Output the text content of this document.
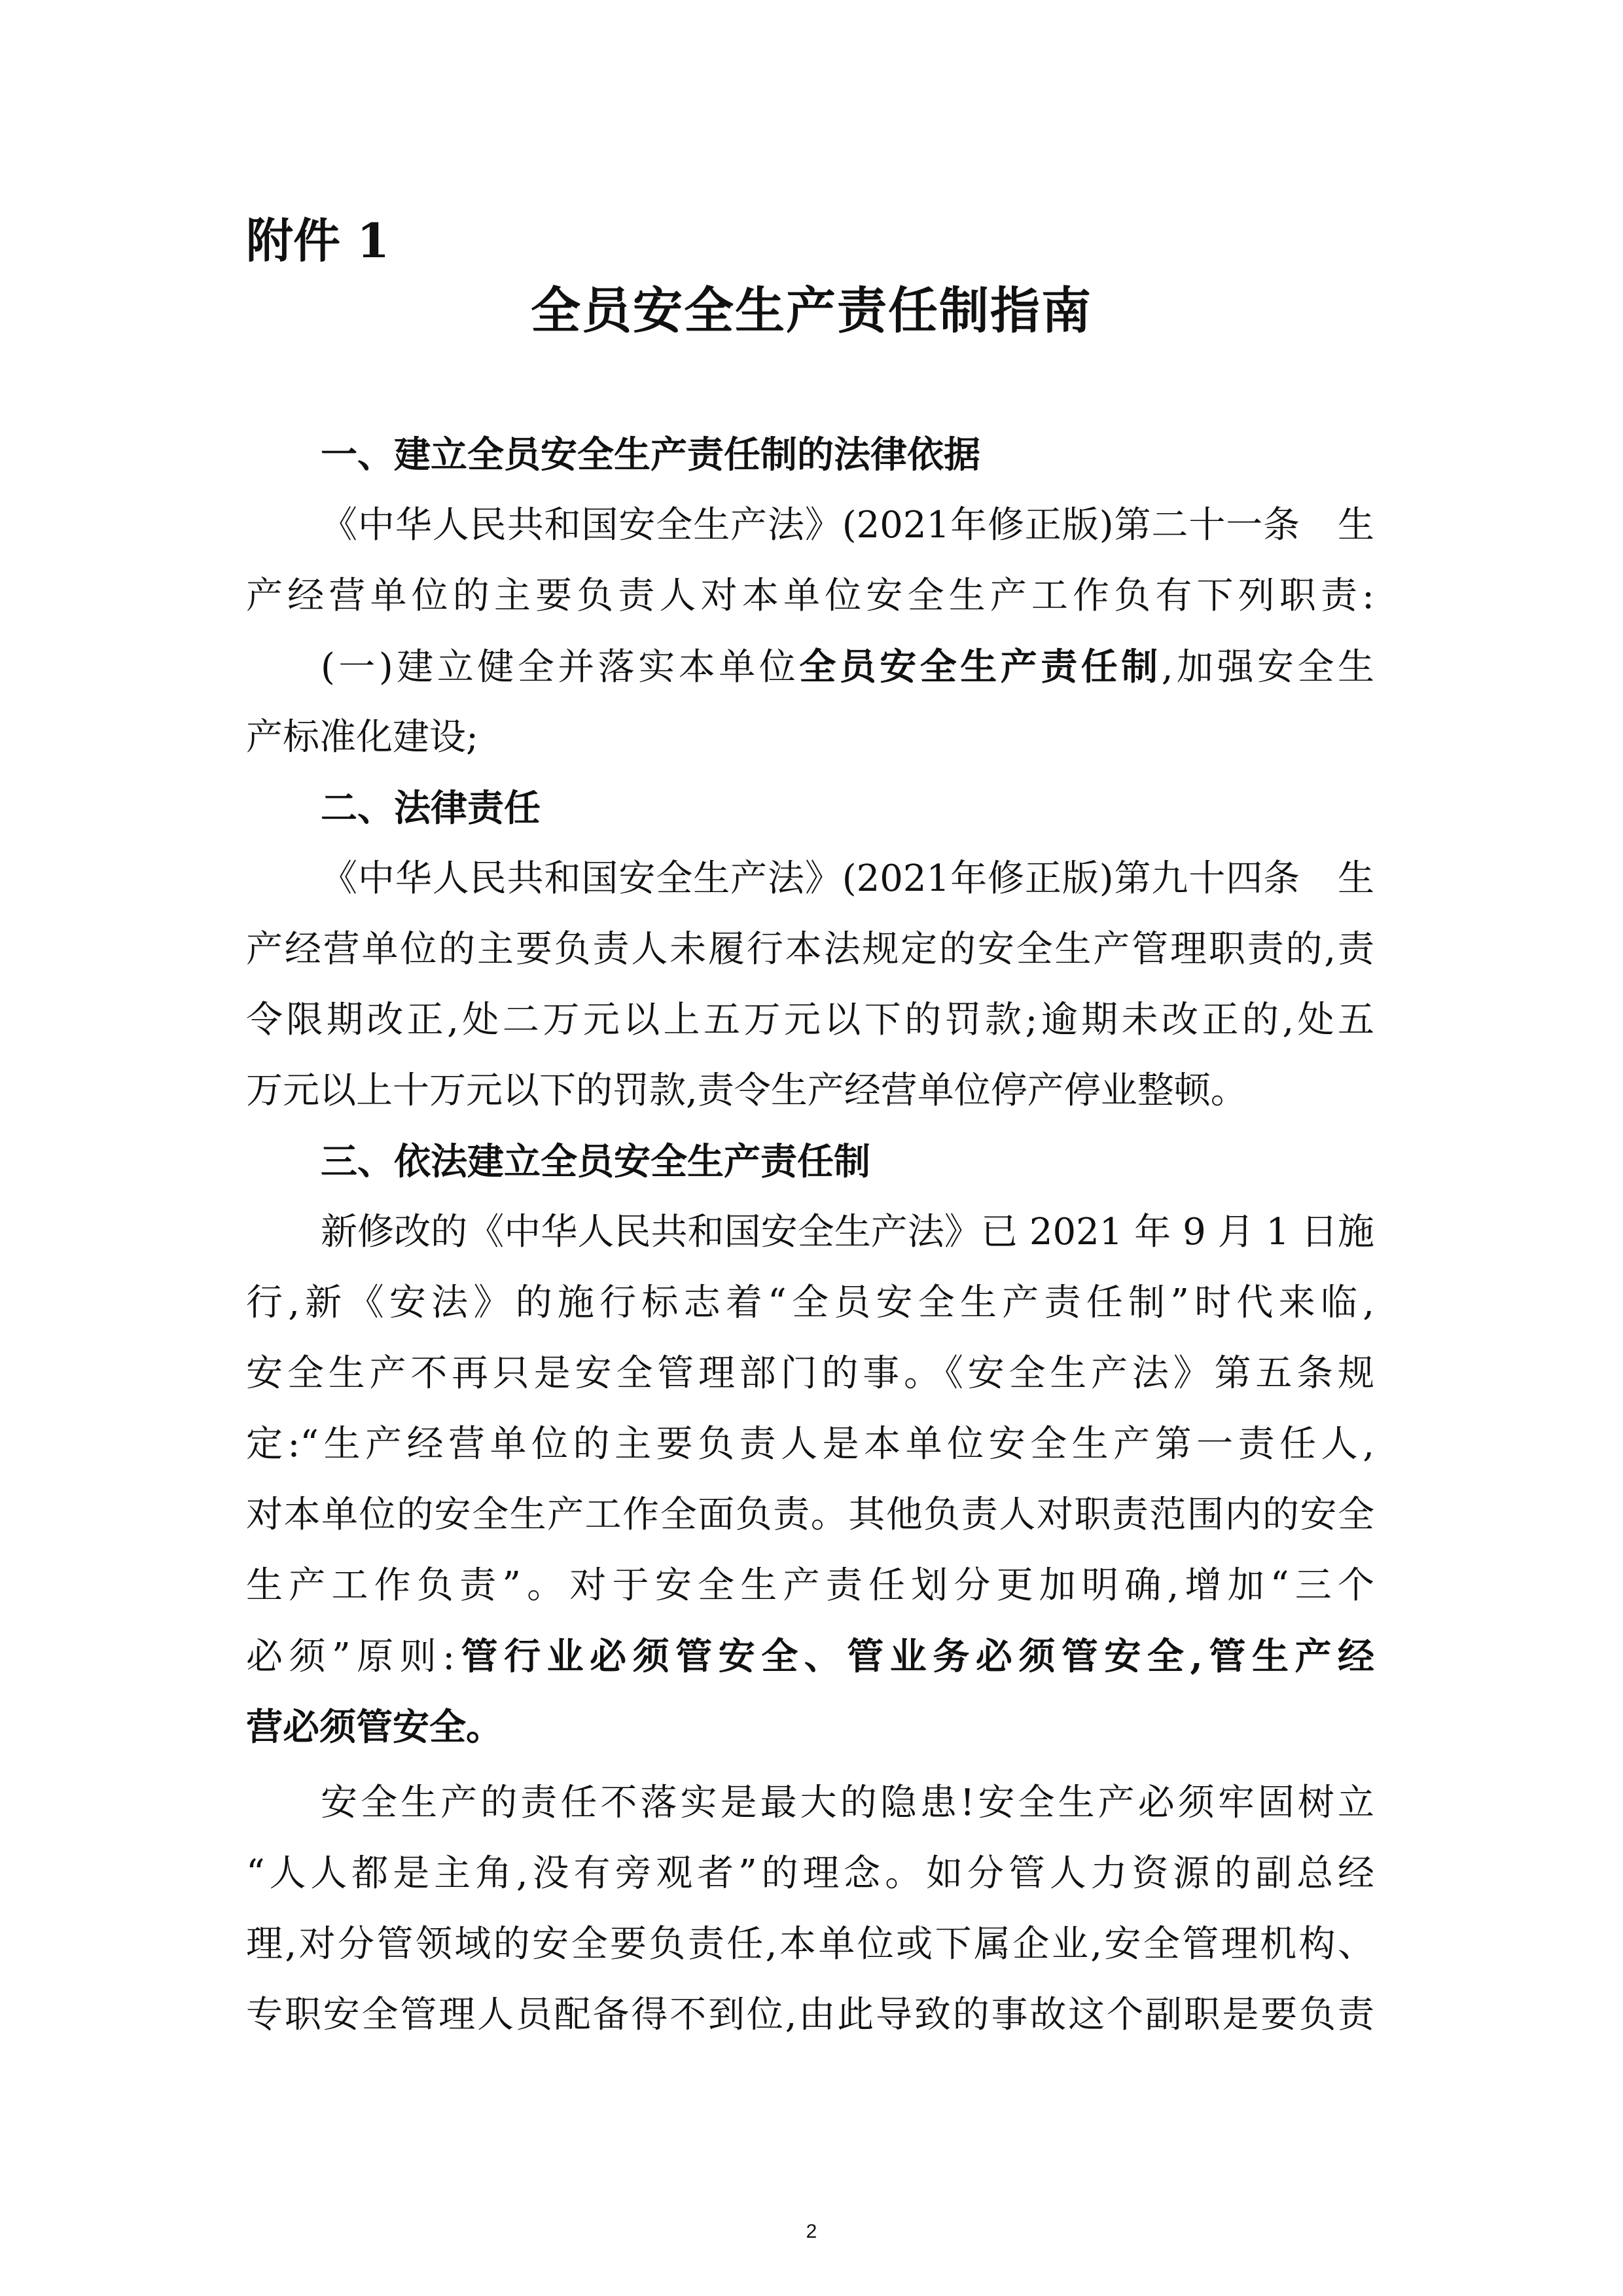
附件 1
全员安全生产责任制指南
一、建立全员安全生产责任制的法律依据
《中华人民共和国安全生产法》(2021年修正版)第二十一条　生
产经营单位的主要负责人对本单位安全生产工作负有下列职责:
(一)建立健全并落实本单位全员安全生产责任制,加强安全生
产标准化建设;
二、法律责任
《中华人民共和国安全生产法》(2021年修正版)第九十四条　生
产经营单位的主要负责人未履行本法规定的安全生产管理职责的,责
令限期改正,处二万元以上五万元以下的罚款;逾期未改正的,处五
万元以上十万元以下的罚款,责令生产经营单位停产停业整顿。
三、依法建立全员安全生产责任制
新修改的《中华人民共和国安全生产法》已 2021 年 9 月 1 日施
行,新《安法》的施行标志着“全员安全生产责任制”时代来临,
安全生产不再只是安全管理部门的事。《安全生产法》第五条规
定:“生产经营单位的主要负责人是本单位安全生产第一责任人,
对本单位的安全生产工作全面负责。其他负责人对职责范围内的安全
生产工作负责”。对于安全生产责任划分更加明确,增加“三个
必须”原则:管行业必须管安全、管业务必须管安全,管生产经
营必须管安全。
安全生产的责任不落实是最大的隐患!安全生产必须牢固树立
“人人都是主角,没有旁观者”的理念。如分管人力资源的副总经
理,对分管领域的安全要负责任,本单位或下属企业,安全管理机构、
专职安全管理人员配备得不到位,由此导致的事故这个副职是要负责
2
